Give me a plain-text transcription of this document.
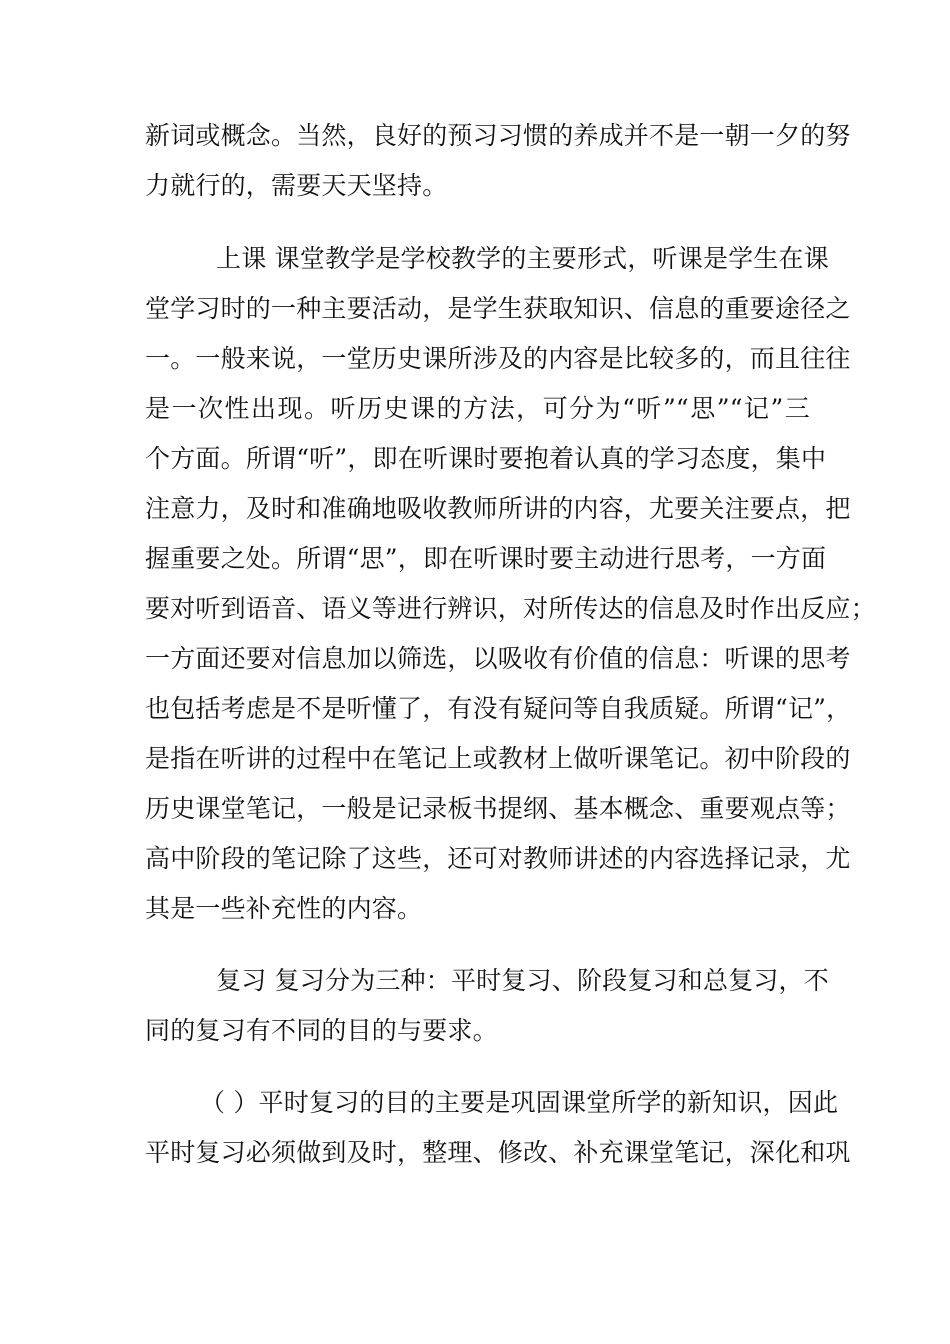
新词或概念。当然，良好的预习习惯的养成并不是一朝一夕的努
力就行的，需要天天坚持。
上课 课堂教学是学校教学的主要形式，听课是学生在课
堂学习时的一种主要活动，是学生获取知识、信息的重要途径之
一。一般来说，一堂历史课所涉及的内容是比较多的，而且往往
是一次性出现。听历史课的方法，可分为“听”“思”“记”三
个方面。所谓“听”，即在听课时要抱着认真的学习态度，集中
注意力，及时和准确地吸收教师所讲的内容，尤要关注要点，把
握重要之处。所谓“思”，即在听课时要主动进行思考，一方面
要对听到语音、语义等进行辨识，对所传达的信息及时作出反应；
一方面还要对信息加以筛选，以吸收有价值的信息：听课的思考
也包括考虑是不是听懂了，有没有疑问等自我质疑。所谓“记”，
是指在听讲的过程中在笔记上或教材上做听课笔记。初中阶段的
历史课堂笔记，一般是记录板书提纲、基本概念、重要观点等；
高中阶段的笔记除了这些，还可对教师讲述的内容选择记录，尤
其是一些补充性的内容。
复习 复习分为三种：平时复习、阶段复习和总复习，不
同的复习有不同的目的与要求。
（ ）平时复习的目的主要是巩固课堂所学的新知识，因此
平时复习必须做到及时，整理、修改、补充课堂笔记，深化和巩
